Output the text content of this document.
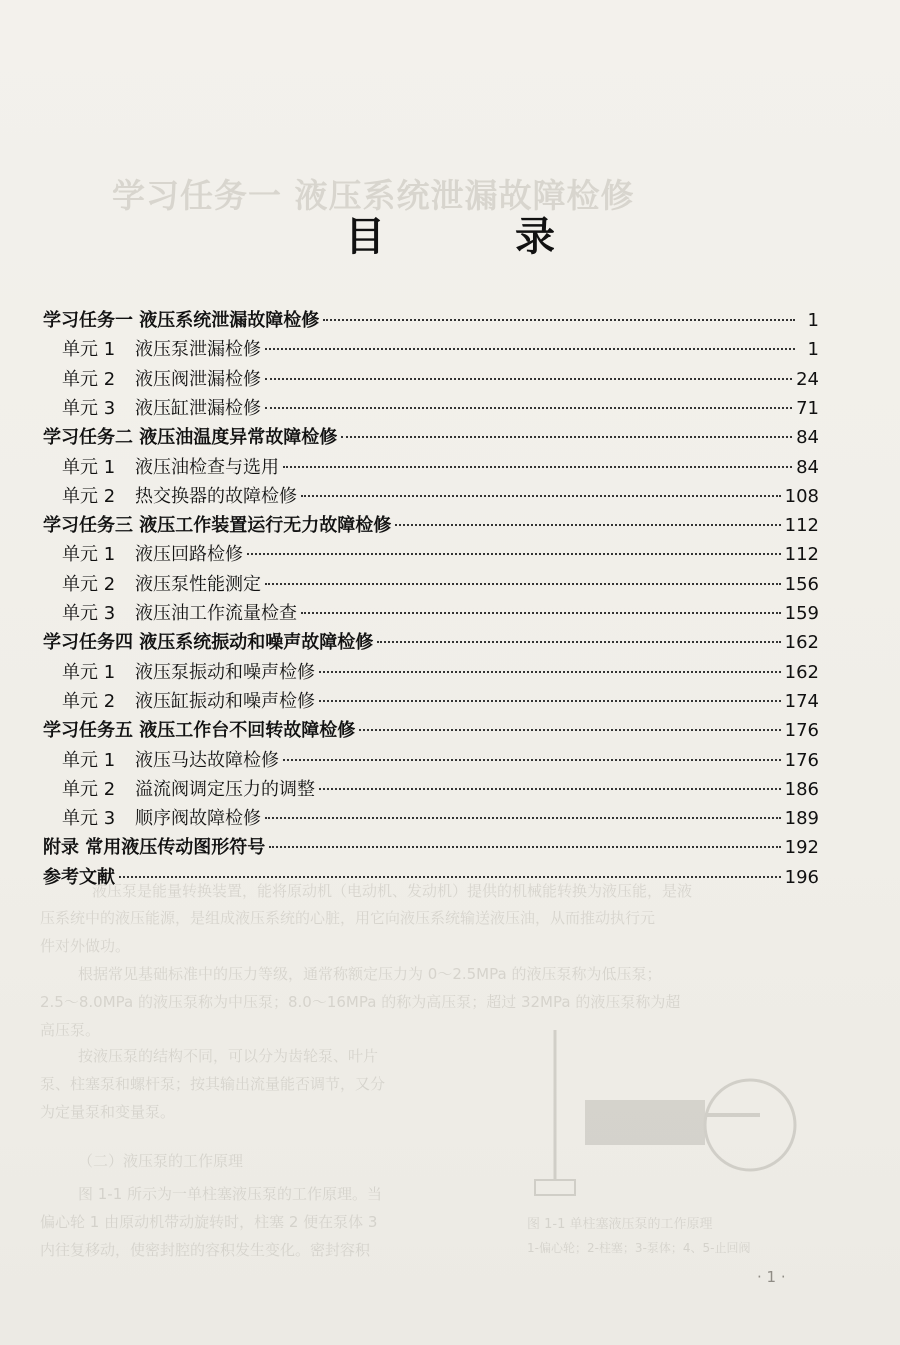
学习任务一 液压系统泄漏故障检修
液压泵是能量转换装置，能将原动机（电动机、发动机）提供的机械能转换为液压能，是液
压系统中的液压能源，是组成液压系统的心脏，用它向液压系统输送液压油，从而推动执行元
件对外做功。
根据常见基础标准中的压力等级，通常称额定压力为 0～2.5MPa 的液压泵称为低压泵；
2.5～8.0MPa 的液压泵称为中压泵；8.0～16MPa 的称为高压泵；超过 32MPa 的液压泵称为超
高压泵。
按液压泵的结构不同，可以分为齿轮泵、叶片
泵、柱塞泵和螺杆泵；按其输出流量能否调节，又分
为定量泵和变量泵。
（二）液压泵的工作原理
图 1-1 所示为一单柱塞液压泵的工作原理。当
偏心轮 1 由原动机带动旋转时，柱塞 2 便在泵体 3
内往复移动，使密封腔的容积发生变化。密封容积
图 1-1 单柱塞液压泵的工作原理
1-偏心轮；2-柱塞；3-泵体；4、5-止回阀
目 录
学习任务一 液压系统泄漏故障检修	1
单元 1	液压泵泄漏检修	1
单元 2	液压阀泄漏检修	24
单元 3	液压缸泄漏检修	71
学习任务二 液压油温度异常故障检修	84
单元 1	液压油检查与选用	84
单元 2	热交换器的故障检修	108
学习任务三 液压工作装置运行无力故障检修	112
单元 1	液压回路检修	112
单元 2	液压泵性能测定	156
单元 3	液压油工作流量检查	159
学习任务四 液压系统振动和噪声故障检修	162
单元 1	液压泵振动和噪声检修	162
单元 2	液压缸振动和噪声检修	174
学习任务五 液压工作台不回转故障检修	176
单元 1	液压马达故障检修	176
单元 2	溢流阀调定压力的调整	186
单元 3	顺序阀故障检修	189
附录 常用液压传动图形符号	192
参考文献	196
· 1 ·
